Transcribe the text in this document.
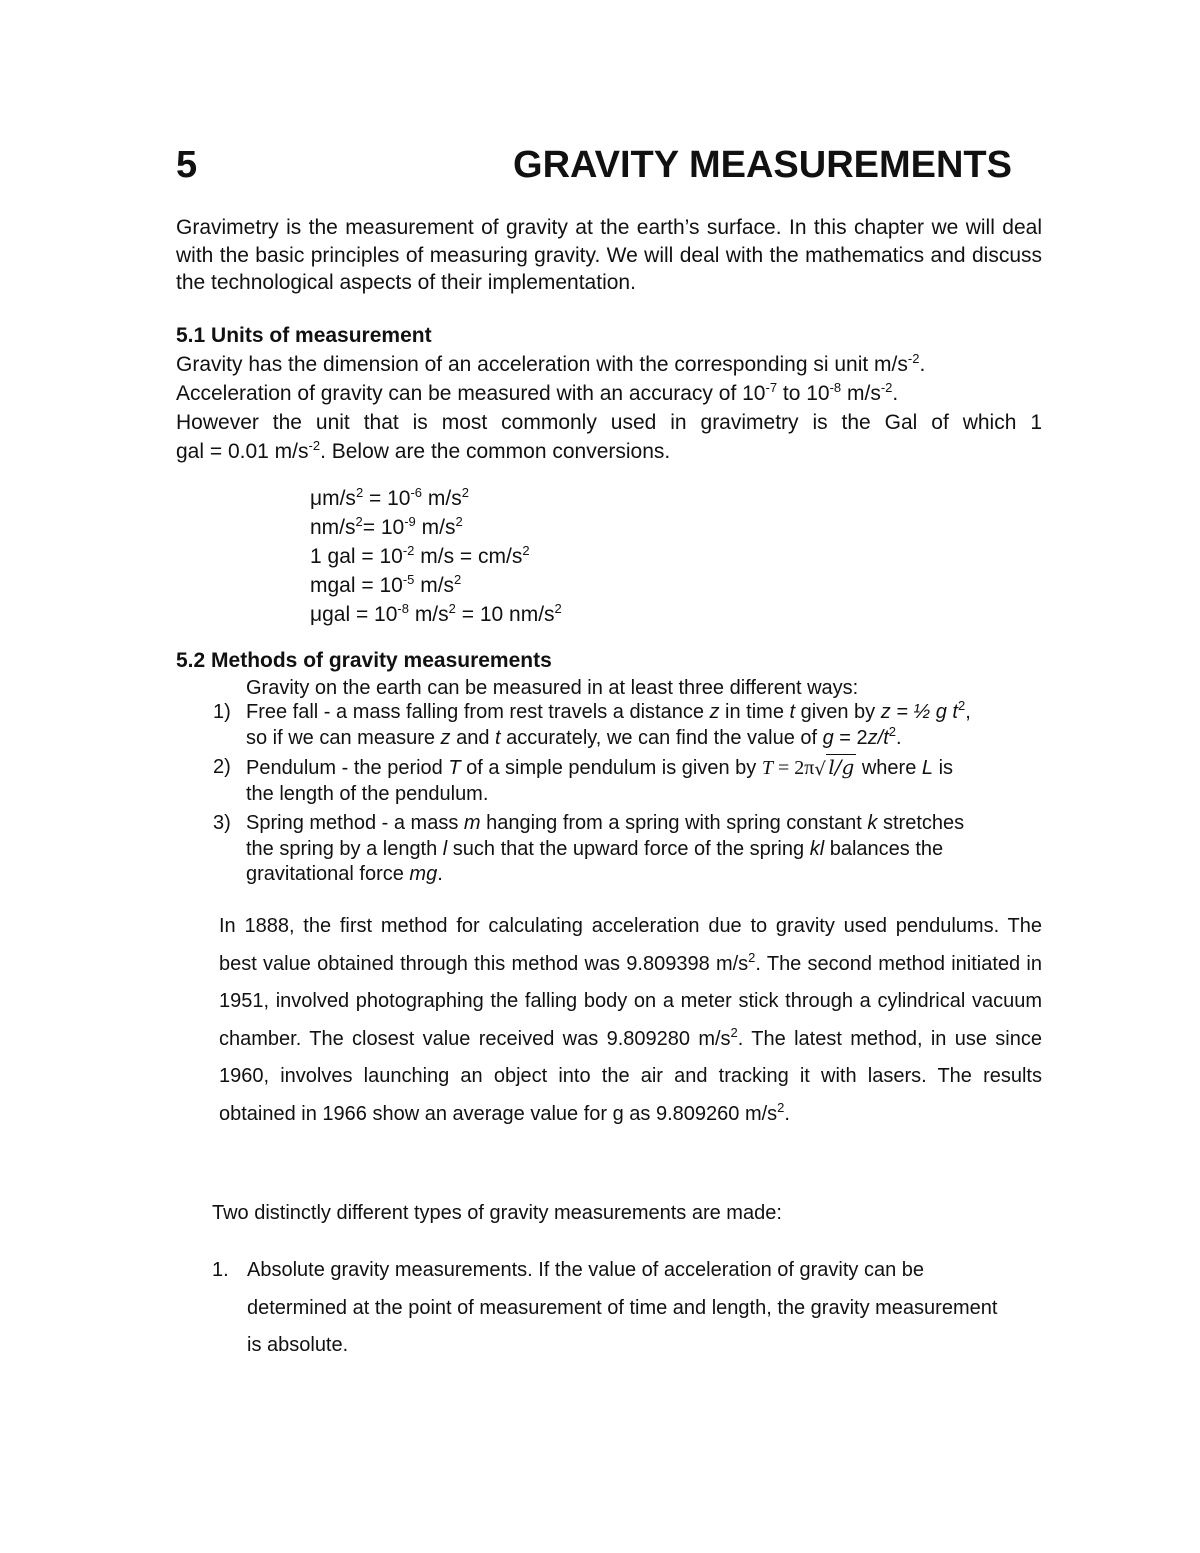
5	GRAVITY MEASUREMENTS

Gravimetry is the measurement of gravity at the earth’s surface. In this chapter we will deal with the basic principles of measuring gravity. We will deal with the mathematics and discuss the technological aspects of their implementation.

5.1 Units of measurement
Gravity has the dimension of an acceleration with the corresponding si unit $m/s^{-2}$.
Acceleration of gravity can be measured with an accuracy of $10^{-7}$ to $10^{-8}$ $m/s^{-2}$.
However the unit that is most commonly used in gravimetry is the Gal of which 1
gal = 0.01 $m/s^{-2}$. Below are the common conversions.
$\mu m/s^2 = 10^{-6}$ $m/s^2$
$nm/s^2= 10^{-9}$ $m/s^2$
1 gal = $10^{-2}$ $m/s = cm/s^2$
mgal = $10^{-5}$ $m/s^2$
$\mu gal = 10^{-8}$ $m/s^2 = 10$ $nm/s^2$
5.2 Methods of gravity measurements

Gravity on the earth can be measured in at least three different ways:

1) Free fall - a mass falling from rest travels a distance z in time t given by z = ½ g $t^2$,
so if we can measure z and t accurately, we can find the value of $g = 2z/t^2$.
2) Pendulum - the period T of a simple pendulum is given by T = 2π √ l/g where L is
the length of the pendulum.
3) Spring method - a mass m hanging from a spring with spring constant k stretches
the spring by a length l such that the upward force of the spring kl balances the
gravitational force mg.

In 1888, the first method for calculating acceleration due to gravity used pendulums. The best value obtained through this method was 9.809398 $m/s^2$. The second method initiated in 1951, involved photographing the falling body on a meter stick through a cylindrical vacuum chamber. The closest value received was 9.809280 $m/s^2$. The latest method, in use since 1960, involves launching an object into the air and tracking it with lasers. The results obtained in 1966 show an average value for g as 9.809260 $m/s^2$.

Two distinctly different types of gravity measurements are made:

1. Absolute gravity measurements. If the value of acceleration of gravity can be determined at the point of measurement of time and length, the gravity measurement is absolute.
